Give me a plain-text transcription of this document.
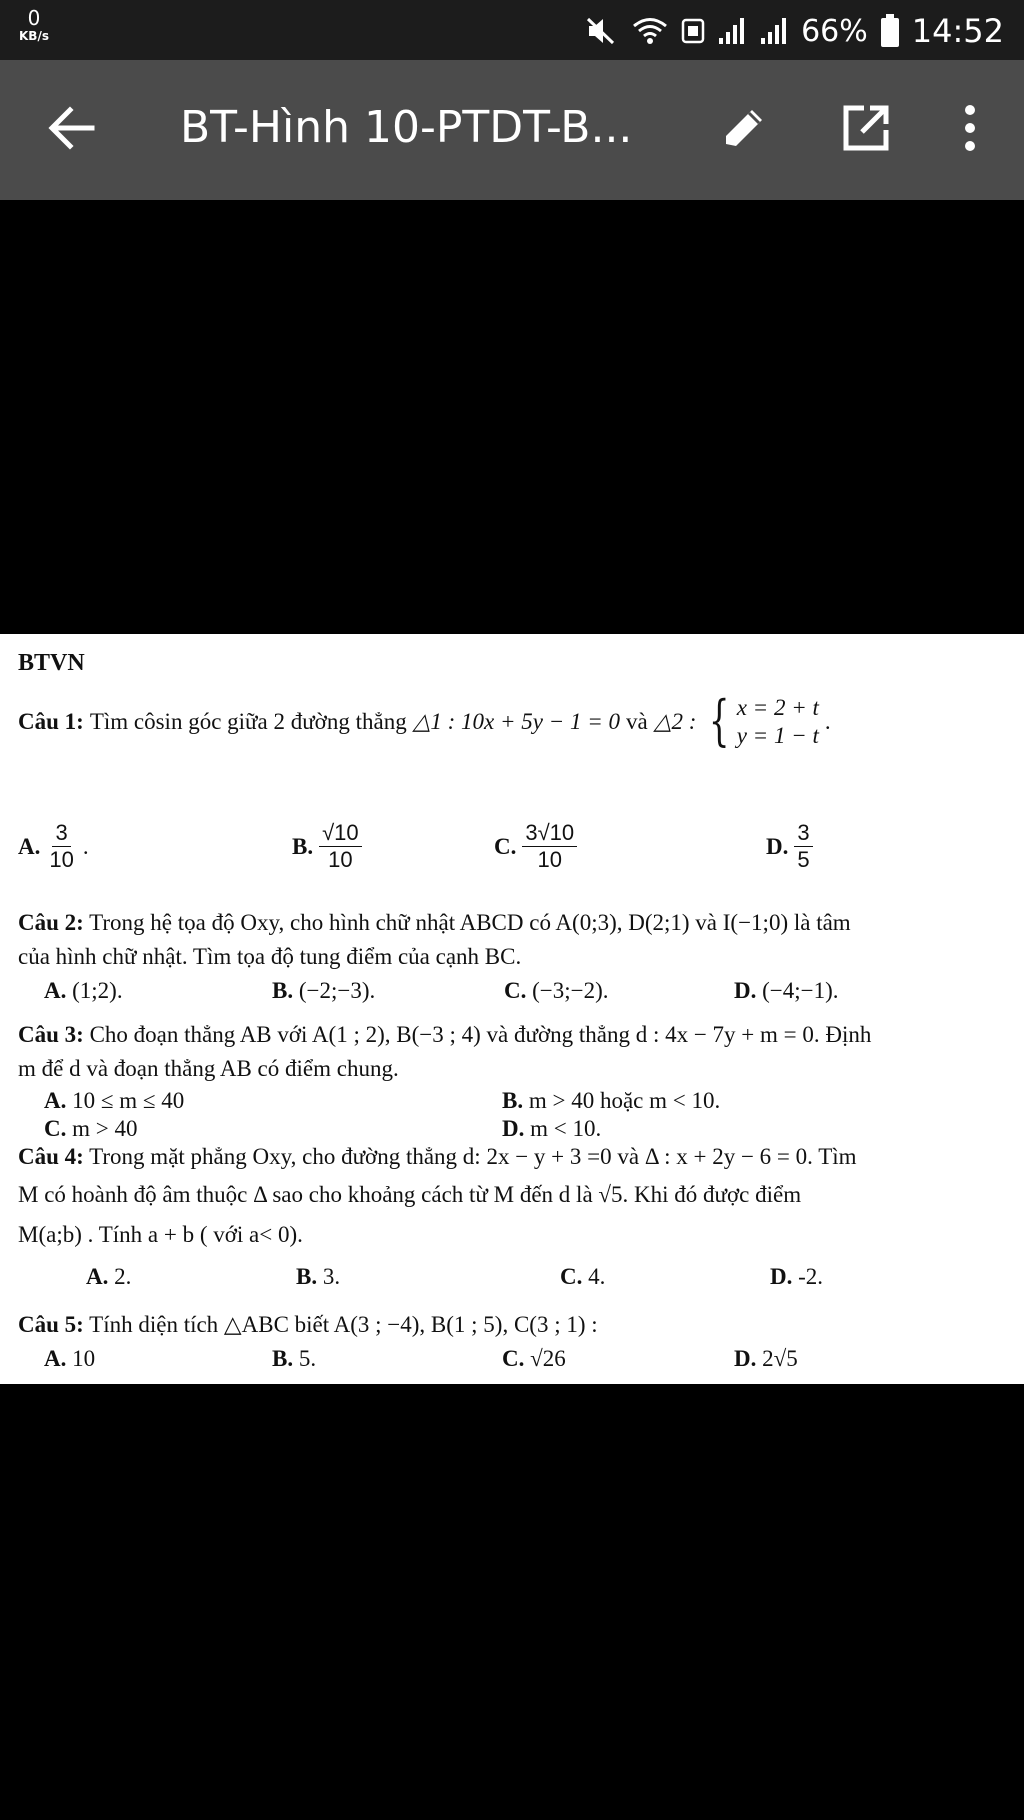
0
KB/s	66% 14:52
BT-Hình 10-PTDT-B...
BTVN
Câu 1: Tìm côsin góc giữa 2 đường thẳng △1 : 10x + 5y − 1 = 0 và △2 : { x = 2 + t
y = 1 − t
.
A. $\frac{3}{10}$ .	B. $\frac{√10}{10}$	C. $\frac{3√10}{10}$	D. $\frac{3}{5}$
Câu 2: Trong hệ tọa độ Oxy, cho hình chữ nhật ABCD có A(0;3), D(2;1) và I(−1;0) là tâm
của hình chữ nhật. Tìm tọa độ tung điểm của cạnh BC.
A. (1;2).	B. (−2;−3).	C. (−3;−2).	D. (−4;−1).
Câu 3: Cho đoạn thẳng AB với A(1 ; 2), B(−3 ; 4) và đường thẳng d : 4x − 7y + m = 0. Định
m để d và đoạn thẳng AB có điểm chung.
A. 10 ≤ m ≤ 40	B. m > 40 hoặc m < 10.
C. m > 40	D. m < 10.
Câu 4: Trong mặt phẳng Oxy, cho đường thẳng d: 2x − y + 3 =0 và Δ : x + 2y − 6 = 0. Tìm
M có hoành độ âm thuộc Δ sao cho khoảng cách từ M đến d là √5. Khi đó được điểm
M(a;b) . Tính a + b ( với a< 0).
A. 2.	B. 3.	C. 4.	D. -2.
Câu 5: Tính diện tích △ABC biết A(3 ; −4), B(1 ; 5), C(3 ; 1) :
A. 10	B. 5.	C. √26	D. 2√5
